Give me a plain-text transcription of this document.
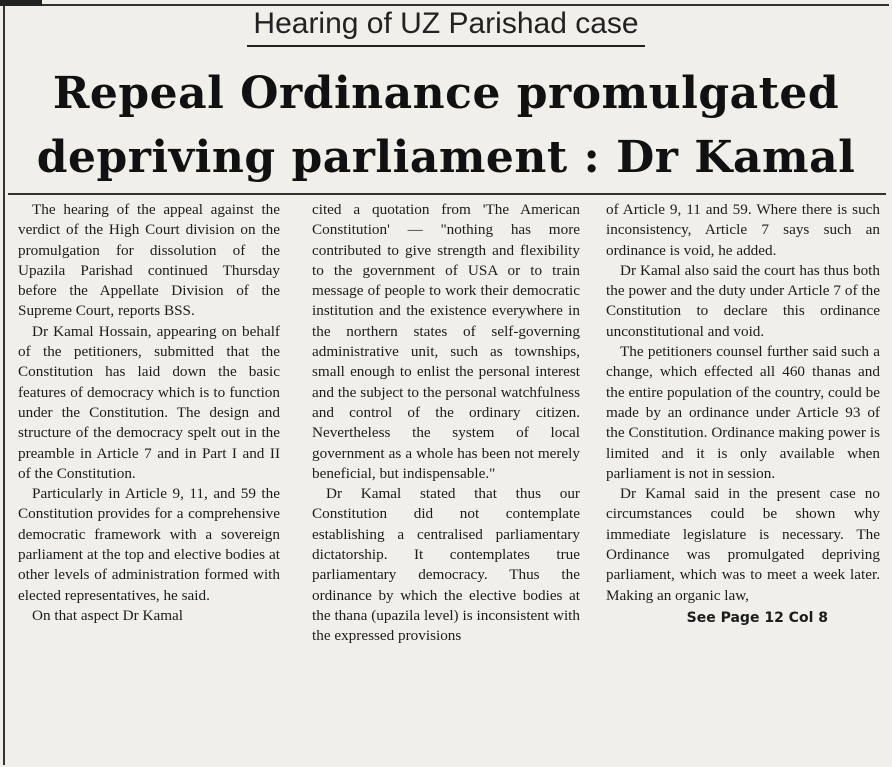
Hearing of UZ Parishad case
Repeal Ordinance promulgated
depriving parliament : Dr Kamal

The hearing of the appeal against the verdict of the High Court division on the promulgation for dissolution of the Upazila Parishad continued Thursday before the Appellate Division of the Supreme Court, reports BSS.

Dr Kamal Hossain, appearing on behalf of the petitioners, submitted that the Constitution has laid down the basic features of democracy which is to function under the Constitution. The design and structure of the democracy spelt out in the preamble in Article 7 and in Part I and II of the Constitution.

Particularly in Article 9, 11, and 59 the Constitution provides for a comprehensive democratic framework with a sovereign parliament at the top and elective bodies at other levels of administration formed with elected representatives, he said.

On that aspect Dr Kamal

cited a quotation from 'The American Constitution' — "nothing has more contributed to give strength and flexibility to the government of USA or to train message of people to work their democratic institution and the existence everywhere in the northern states of self-governing administrative unit, such as townships, small enough to enlist the personal interest and the subject to the personal watchfulness and control of the ordinary citizen. Nevertheless the system of local government as a whole has been not merely beneficial, but indispensable."

Dr Kamal stated that thus our Constitution did not contemplate establishing a centralised parliamentary dictatorship. It contemplates true parliamentary democracy. Thus the ordinance by which the elective bodies at the thana (upazila level) is inconsistent with the expressed provisions

of Article 9, 11 and 59. Where there is such inconsistency, Article 7 says such an ordinance is void, he added.

Dr Kamal also said the court has thus both the power and the duty under Article 7 of the Constitution to declare this ordinance unconstitutional and void.

The petitioners counsel further said such a change, which effected all 460 thanas and the entire population of the country, could be made by an ordinance under Article 93 of the Constitution. Ordinance making power is limited and it is only available when parliament is not in session.

Dr Kamal said in the present case no circumstances could be shown why immediate legislature is necessary. The Ordinance was promulgated depriving parliament, which was to meet a week later. Making an organic law,

See Page 12 Col 8
